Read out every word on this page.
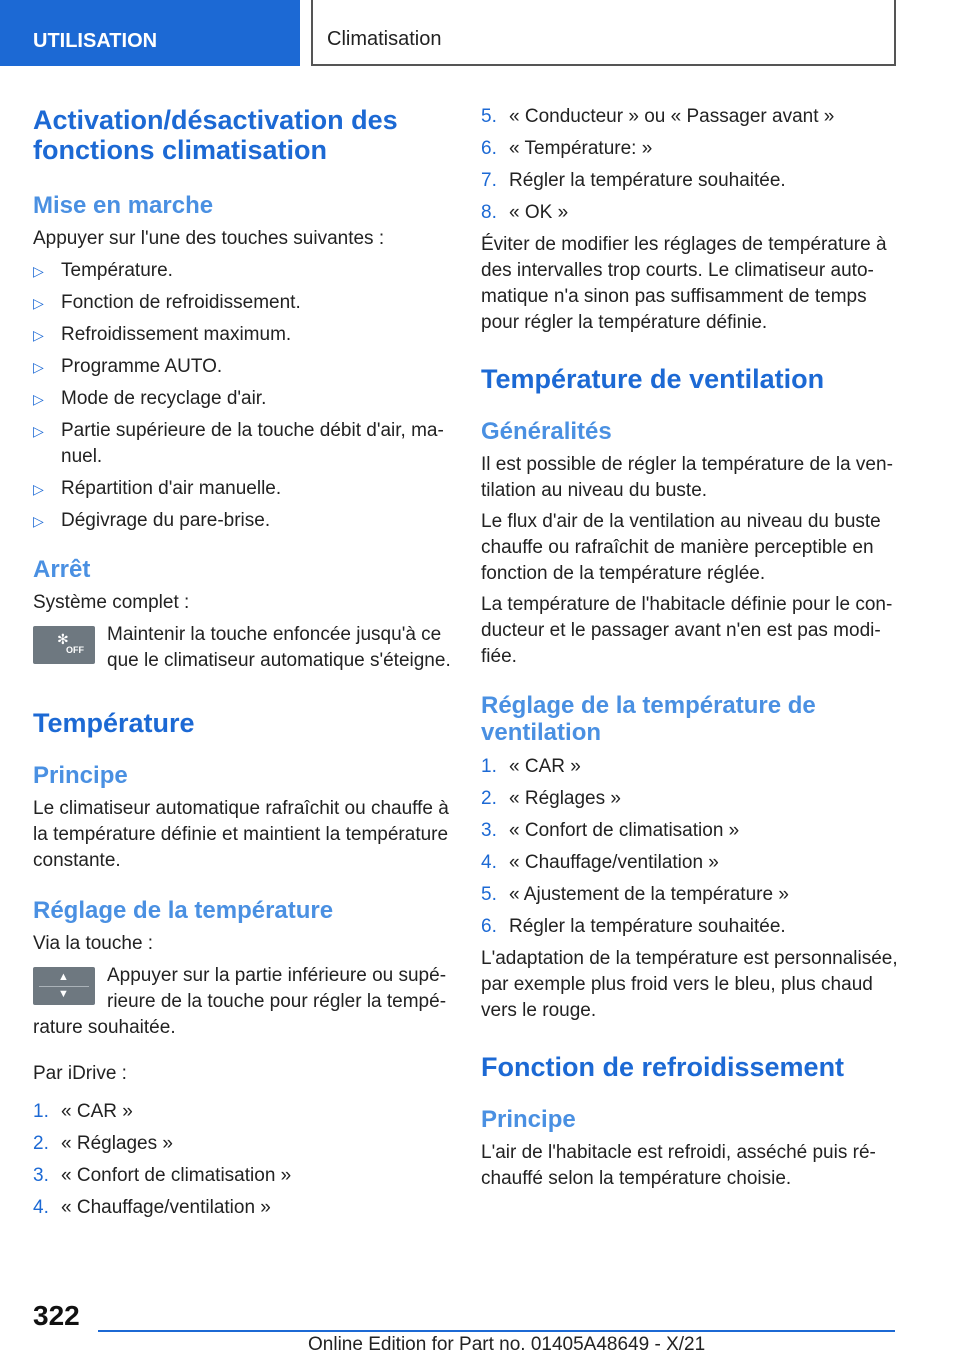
UTILISATION	Climatisation
Activation/désactivation des fonctions climatisation
Mise en marche

Appuyer sur l'une des touches suivantes :

▷ Température.
▷ Fonction de refroidissement.
▷ Refroidissement maximum.
▷ Programme AUTO.
▷ Mode de recyclage d'air.
▷ Partie supérieure de la touche débit d'air, manuel.
▷ Répartition d'air manuelle.
▷ Dégivrage du pare-brise.
Arrêt

Système complet :

✻
OFF

Maintenir la touche enfoncée jusqu'à ce que le climatiseur automatique s'éteigne.

Température
Principe

Le climatiseur automatique rafraîchit ou chauffe à la température définie et maintient la température constante.

Réglage de la température

Via la touche :

▲
▼

Appuyer sur la partie inférieure ou supérieure de la touche pour régler la température souhaitée.

Par iDrive :

1. « CAR »
2. « Réglages »
3. « Confort de climatisation »
4. « Chauffage/ventilation »
5. « Conducteur » ou « Passager avant »
6. « Température: »
7. Régler la température souhaitée.
8. « OK »

Éviter de modifier les réglages de température à des intervalles trop courts. Le climatiseur automatique n'a sinon pas suffisamment de temps pour régler la température définie.

Température de ventilation
Généralités

Il est possible de régler la température de la ventilation au niveau du buste.

Le flux d'air de la ventilation au niveau du buste chauffe ou rafraîchit de manière perceptible en fonction de la température réglée.

La température de l'habitacle définie pour le conducteur et le passager avant n'en est pas modifiée.

Réglage de la température de ventilation
1. « CAR »
2. « Réglages »
3. « Confort de climatisation »
4. « Chauffage/ventilation »
5. « Ajustement de la température »
6. Régler la température souhaitée.

L'adaptation de la température est personnalisée, par exemple plus froid vers le bleu, plus chaud vers le rouge.

Fonction de refroidissement
Principe

L'air de l'habitacle est refroidi, asséché puis réchauffé selon la température choisie.

322
Online Edition for Part no. 01405A48649 - X/21
